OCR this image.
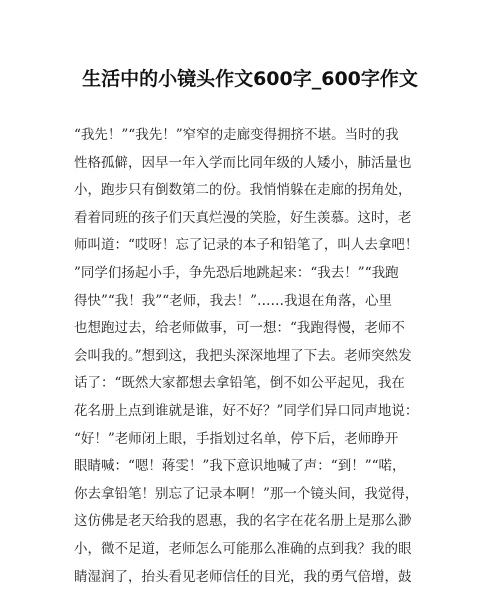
生活中的小镜头作文600字_600字作文
“我先！”“我先！”窄窄的走廊变得拥挤不堪。当时的我
性格孤僻，因早一年入学而比同年级的人矮小，肺活量也
小，跑步只有倒数第二的份。我悄悄躲在走廊的拐角处，
看着同班的孩子们天真烂漫的笑脸，好生羡慕。这时，老
师叫道：“哎呀！忘了记录的本子和铅笔了，叫人去拿吧！
”同学们扬起小手，争先恐后地跳起来：“我去！”“我跑
得快”“我！我”“老师，我去！”……我退在角落，心里
也想跑过去，给老师做事，可一想：“我跑得慢，老师不
会叫我的。”想到这，我把头深深地埋了下去。老师突然发
话了：“既然大家都想去拿铅笔，倒不如公平起见，我在
花名册上点到谁就是谁，好不好？”同学们异口同声地说：
“好！”老师闭上眼，手指划过名单，停下后，老师睁开
眼睛喊：“嗯！蒋雯！”我下意识地喊了声：“到！”“喏，
你去拿铅笔！别忘了记录本啊！”那一个镜头间，我觉得，
这仿佛是老天给我的恩惠，我的名字在花名册上是那么渺
小，微不足道，老师怎么可能那么准确的点到我？我的眼
睛湿润了，抬头看见老师信任的目光，我的勇气倍增，鼓
